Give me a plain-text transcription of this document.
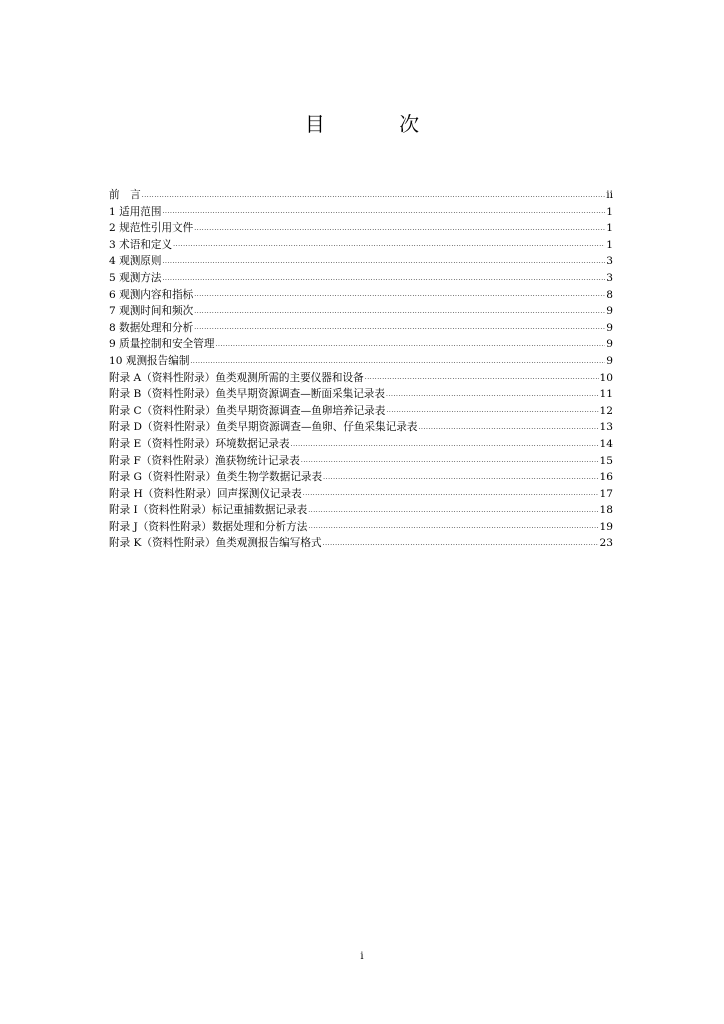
目 次
前　言 .....	ii
1 适用范围 .....	1
2 规范性引用文件 .....	1
3 术语和定义 .....	1
4 观测原则 .....	3
5 观测方法 .....	3
6 观测内容和指标 .....	8
7 观测时间和频次 .....	9
8 数据处理和分析 .....	9
9 质量控制和安全管理 .....	9
10 观测报告编制 .....	9
附录 A（资料性附录）鱼类观测所需的主要仪器和设备 .....	10
附录 B（资料性附录）鱼类早期资源调查—断面采集记录表 .....	11
附录 C（资料性附录）鱼类早期资源调查—鱼卵培养记录表 .....	12
附录 D（资料性附录）鱼类早期资源调查—鱼卵、仔鱼采集记录表 .....	13
附录 E（资料性附录）环境数据记录表 .....	14
附录 F（资料性附录）渔获物统计记录表 .....	15
附录 G（资料性附录）鱼类生物学数据记录表 .....	16
附录 H（资料性附录）回声探测仪记录表 .....	17
附录 I（资料性附录）标记重捕数据记录表 .....	18
附录 J（资料性附录）数据处理和分析方法 .....	19
附录 K（资料性附录）鱼类观测报告编写格式 .....	23
i
